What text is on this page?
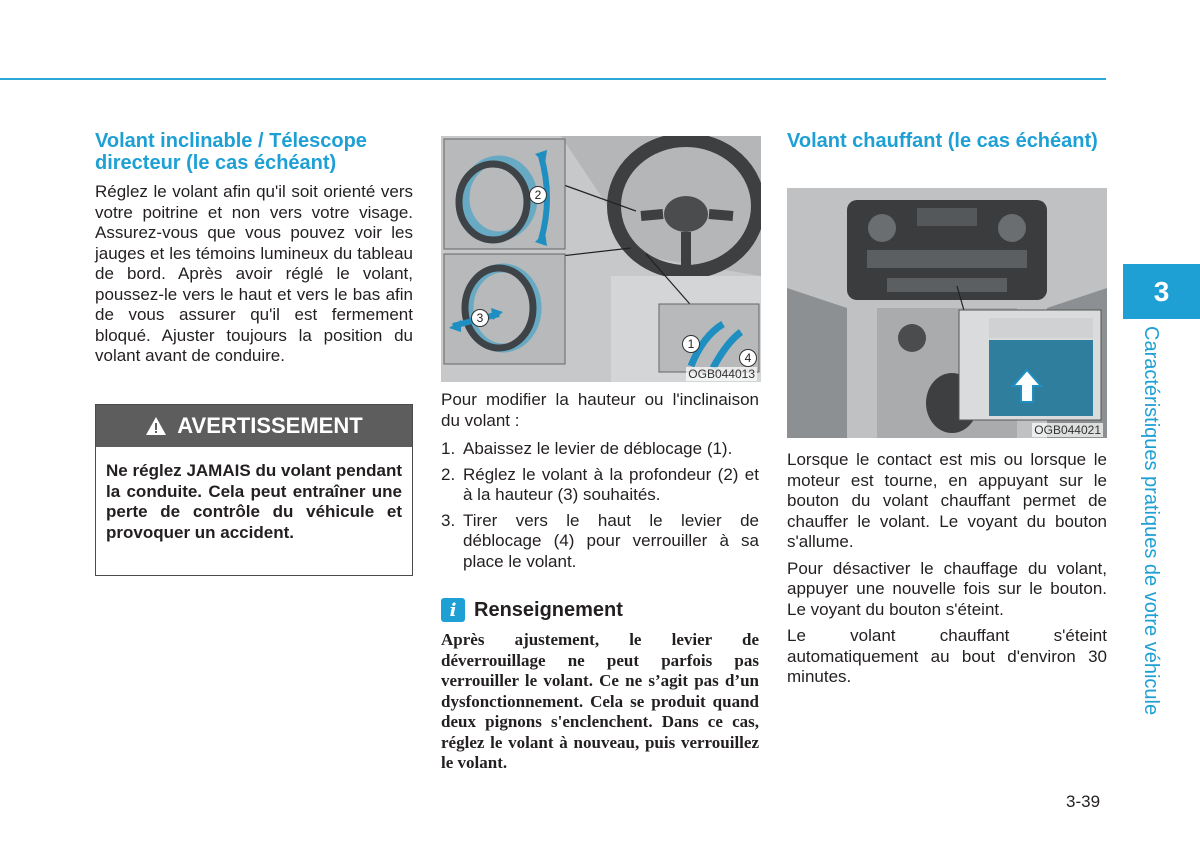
Volant inclinable / Télescope directeur (le cas échéant)

Réglez le volant afin qu'il soit orienté vers votre poitrine et non vers votre visage. Assurez-vous que vous pouvez voir les jauges et les témoins lumineux du tableau de bord. Après avoir réglé le volant, poussez-le vers le haut et vers le bas afin de vous assurer qu'il est fermement bloqué. Ajuster toujours la position du volant avant de conduire.

AVERTISSEMENT
Ne réglez JAMAIS du volant pendant la conduite. Cela peut entraîner une perte de contrôle du véhicule et provoquer un accident.
1
2
3
4
OGB044013

Pour modifier la hauteur ou l'inclinaison du volant :

1. Abaissez le levier de déblocage (1).
2. Réglez le volant à la profondeur (2) et à la hauteur (3) souhaités.
3. Tirer vers le haut le levier de déblocage (4) pour verrouiller à sa place le volant.
i Renseignement
Après ajustement, le levier de déverrouillage ne peut parfois pas verrouiller le volant. Ce ne s’agit pas d’un dysfonctionnement. Cela se produit quand deux pignons s'enclenchent. Dans ce cas, réglez le volant à nouveau, puis verrouillez le volant.
Volant chauffant (le cas échéant)
OGB044021

Lorsque le contact est mis ou lorsque le moteur est tourne, en appuyant sur le bouton du volant chauffant permet de chauffer le volant. Le voyant du bouton s'allume.

Pour désactiver le chauffage du volant, appuyer une nouvelle fois sur le bouton. Le voyant du bouton s'éteint.

Le volant chauffant s'éteint automatiquement au bout d'environ 30 minutes.

3
Caractéristiques pratiques de votre véhicule
3-39
